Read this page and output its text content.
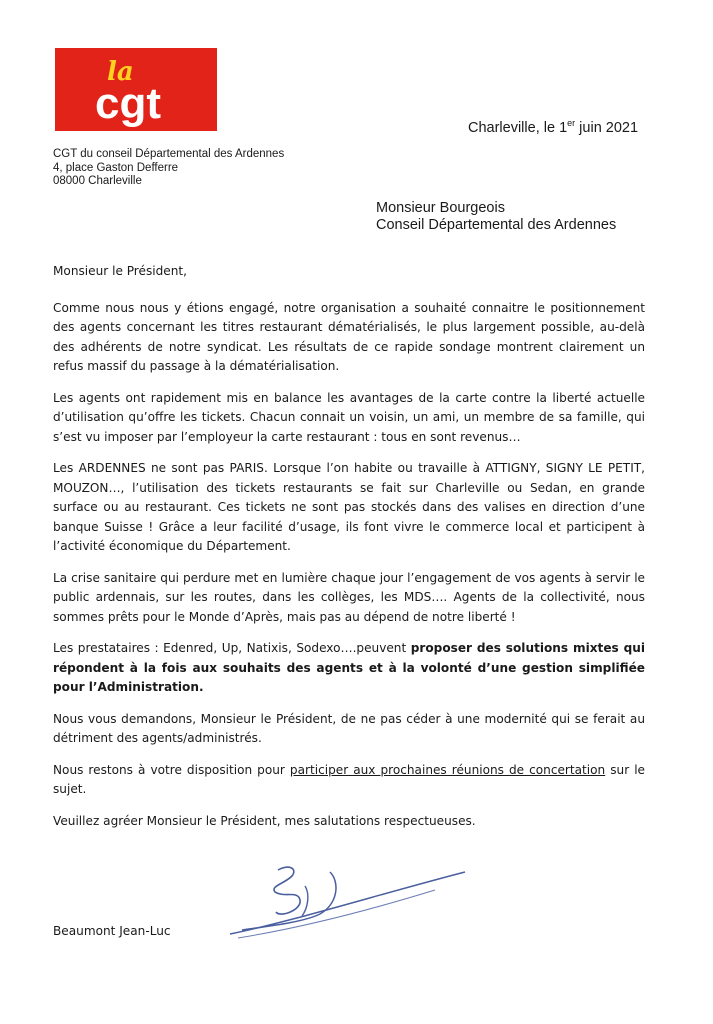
la
cgt	Charleville, le 1er juin 2021
CGT du conseil Départemental des Ardennes
4, place Gaston Defferre
08000 Charleville
Monsieur Bourgeois
Conseil Départemental des Ardennes

Monsieur le Président,

Comme nous nous y étions engagé, notre organisation a souhaité connaitre le positionnement des agents concernant les titres restaurant dématérialisés, le plus largement possible, au-delà des adhérents de notre syndicat. Les résultats de ce rapide sondage montrent clairement un refus massif du passage à la dématérialisation.

Les agents ont rapidement mis en balance les avantages de la carte contre la liberté actuelle d’utilisation qu’offre les tickets. Chacun connait un voisin, un ami, un membre de sa famille, qui s’est vu imposer par l’employeur la carte restaurant : tous en sont revenus…

Les ARDENNES ne sont pas PARIS. Lorsque l’on habite ou travaille à ATTIGNY, SIGNY LE PETIT, MOUZON…, l’utilisation des tickets restaurants se fait sur Charleville ou Sedan, en grande surface ou au restaurant. Ces tickets ne sont pas stockés dans des valises en direction d’une banque Suisse ! Grâce a leur facilité d’usage, ils font vivre le commerce local et participent à l’activité économique du Département.

La crise sanitaire qui perdure met en lumière chaque jour l’engagement de vos agents à servir le public ardennais, sur les routes, dans les collèges, les MDS…. Agents de la collectivité, nous sommes prêts pour le Monde d’Après, mais pas au dépend de notre liberté !

Les prestataires : Edenred, Up, Natixis, Sodexo….peuvent proposer des solutions mixtes qui répondent à la fois aux souhaits des agents et à la volonté d’une gestion simplifiée pour l’Administration.

Nous vous demandons, Monsieur le Président, de ne pas céder à une modernité qui se ferait au détriment des agents/administrés.

Nous restons à votre disposition pour participer aux prochaines réunions de concertation sur le sujet.

Veuillez agréer Monsieur le Président, mes salutations respectueuses.

Beaumont Jean-Luc
